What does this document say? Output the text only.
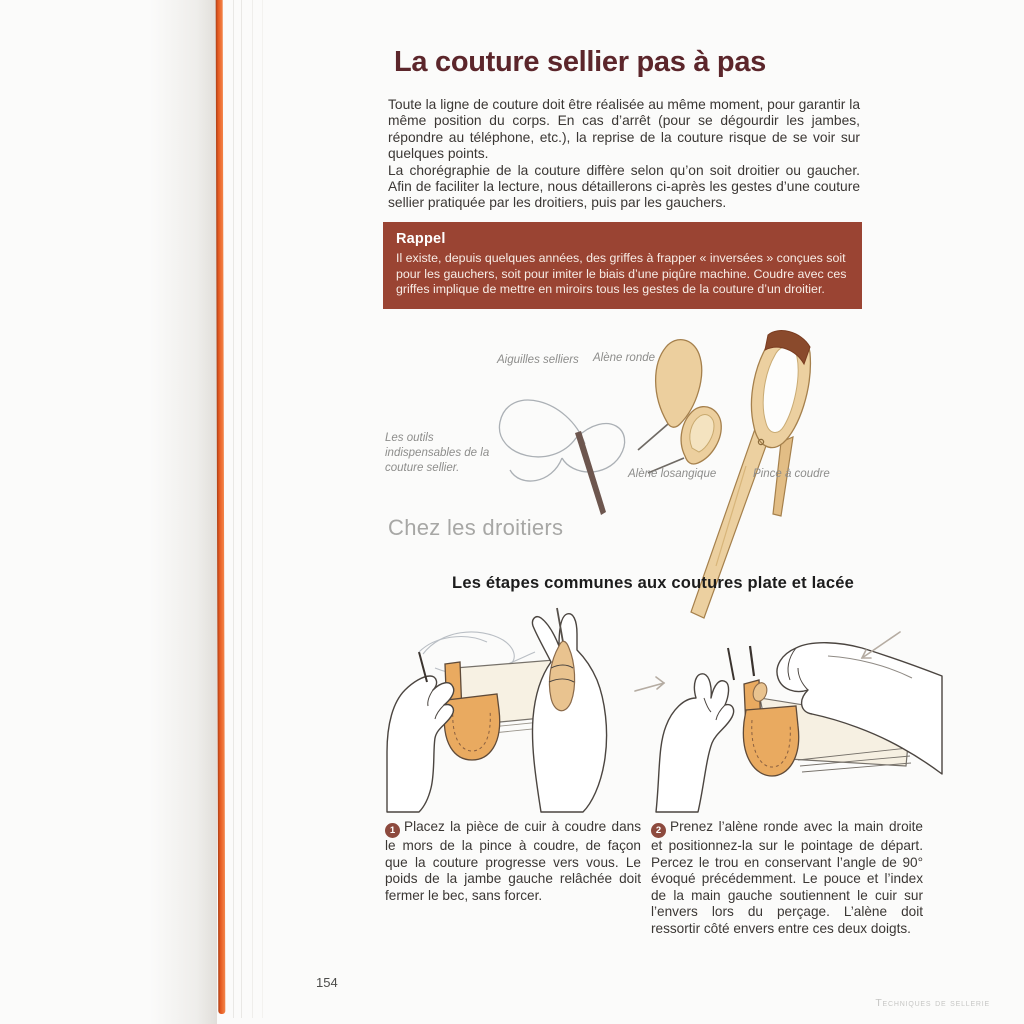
La couture sellier pas à pas

Toute la ligne de couture doit être réalisée au même moment, pour garantir la même position du corps. En cas d’arrêt (pour se dégourdir les jambes, répondre au téléphone, etc.), la reprise de la couture risque de se voir sur quelques points.

La chorégraphie de la couture diffère selon qu’on soit droitier ou gaucher. Afin de faciliter la lecture, nous détaillerons ci-après les gestes d’une couture sellier pratiquée par les droitiers, puis par les gauchers.

Rappel
Il existe, depuis quelques années, des griffes à frapper « inversées » conçues soit pour les gauchers, soit pour imiter le biais d’une piqûre machine. Coudre avec ces griffes implique de mettre en miroirs tous les gestes de la couture d’un droitier.
Aiguilles selliers Alène ronde
Alène losangique	Pince à coudre
Les outils indispensables de la couture sellier.
Chez les droitiers
Les étapes communes aux coutures plate et lacée
1 Placez la pièce de cuir à coudre dans le mors de la pince à coudre, de façon que la couture progresse vers vous. Le poids de la jambe gauche relâchée doit fermer le bec, sans forcer.
2 Prenez l’alène ronde avec la main droite et positionnez-la sur le pointage de départ. Percez le trou en conservant l’angle de 90° évoqué précédemment. Le pouce et l’index de la main gauche soutiennent le cuir sur l’envers lors du perçage. L’alène doit ressortir côté envers entre ces deux doigts.
154
Techniques de sellerie
